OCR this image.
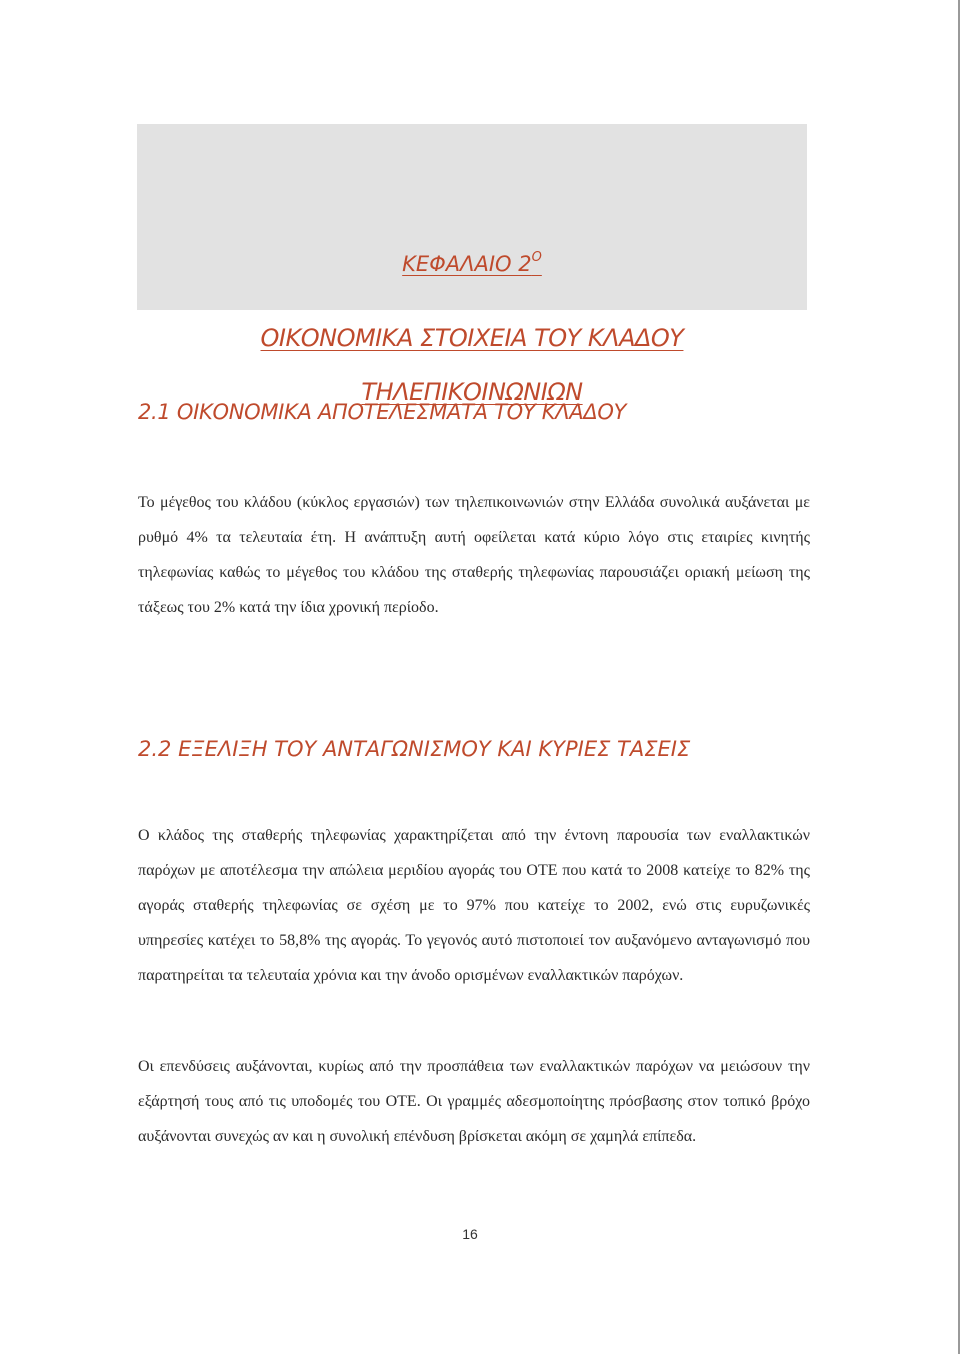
ΚΕΦΑΛΑΙΟ $2^O$
ΟΙΚΟΝΟΜΙΚΑ ΣΤΟΙΧΕΙΑ ΤΟΥ ΚΛΑΔΟΥ
ΤΗΛΕΠΙΚΟΙΝΩΝΙΩΝ
2.1 ΟΙΚΟΝΟΜΙΚΑ ΑΠΟΤΕΛΕΣΜΑΤΑ ΤΟΥ ΚΛΑΔΟΥ

Το μέγεθος του κλάδου (κύκλος εργασιών) των τηλεπικοινωνιών στην Ελλάδα συνολικά αυξάνεται με ρυθμό 4% τα τελευταία έτη. Η ανάπτυξη αυτή οφείλεται κατά κύριο λόγο στις εταιρίες κινητής τηλεφωνίας καθώς το μέγεθος του κλάδου της σταθερής τηλεφωνίας παρουσιάζει οριακή μείωση της τάξεως του 2% κατά την ίδια χρονική περίοδο.

2.2 ΕΞΕΛΙΞΗ ΤΟΥ ΑΝΤΑΓΩΝΙΣΜΟΥ ΚΑΙ ΚΥΡΙΕΣ ΤΑΣΕΙΣ

Ο κλάδος της σταθερής τηλεφωνίας χαρακτηρίζεται από την έντονη παρουσία των εναλλακτικών παρόχων με αποτέλεσμα την απώλεια μεριδίου αγοράς του ΟΤΕ που κατά το 2008 κατείχε το 82% της αγοράς σταθερής τηλεφωνίας σε σχέση με το 97% που κατείχε το 2002, ενώ στις ευρυζωνικές υπηρεσίες κατέχει το 58,8% της αγοράς. Το γεγονός αυτό πιστοποιεί τον αυξανόμενο ανταγωνισμό που παρατηρείται τα τελευταία χρόνια και την άνοδο ορισμένων εναλλακτικών παρόχων.

Οι επενδύσεις αυξάνονται, κυρίως από την προσπάθεια των εναλλακτικών παρόχων να μειώσουν την εξάρτησή τους από τις υποδομές του ΟΤΕ. Οι γραμμές αδεσμοποίητης πρόσβασης στον τοπικό βρόχο αυξάνονται συνεχώς αν και η συνολική επένδυση βρίσκεται ακόμη σε χαμηλά επίπεδα.

16
